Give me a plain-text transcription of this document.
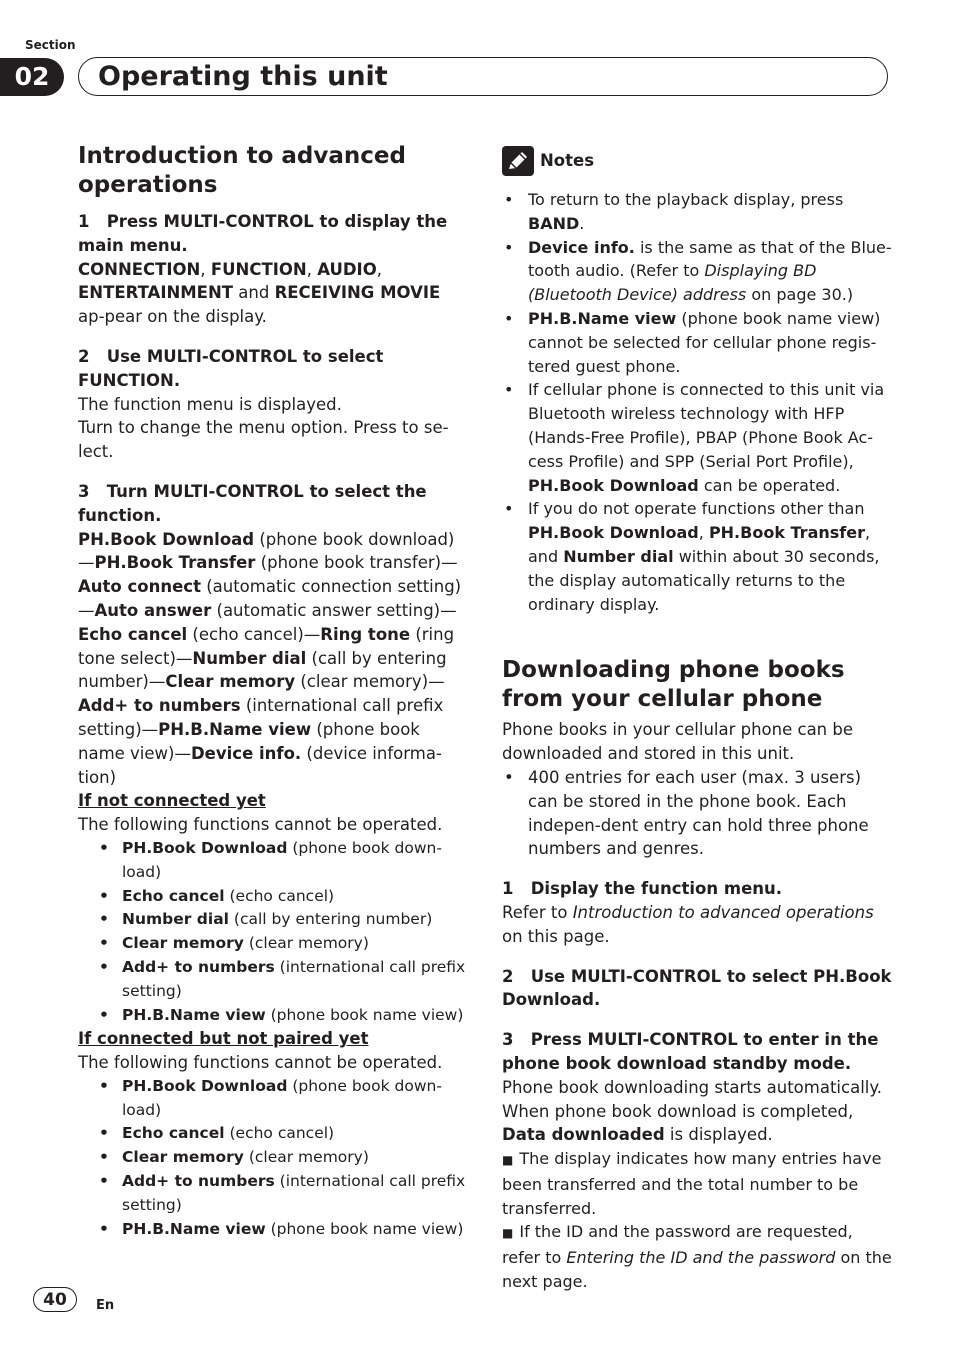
Section
02	Operating this unit
Introduction to advanced operations

1   Press MULTI-CONTROL to display the main menu.

CONNECTION, FUNCTION, AUDIO, ENTERTAINMENT and RECEIVING MOVIE ap-pear on the display.

2   Use MULTI-CONTROL to select FUNCTION.

The function menu is displayed.

Turn to change the menu option. Press to se-lect.

3   Turn MULTI-CONTROL to select the function.

PH.Book Download (phone book download)—PH.Book Transfer (phone book transfer)—Auto connect (automatic connection setting)—Auto answer (automatic answer setting)—Echo cancel (echo cancel)—Ring tone (ring tone select)—Number dial (call by entering number)—Clear memory (clear memory)—Add+ to numbers (international call prefix setting)—PH.B.Name view (phone book name view)—Device info. (device informa-tion)

If not connected yet

The following functions cannot be operated.

• PH.Book Download (phone book down-load)
• Echo cancel (echo cancel)
• Number dial (call by entering number)
• Clear memory (clear memory)
• Add+ to numbers (international call prefix setting)
• PH.B.Name view (phone book name view)

If connected but not paired yet

The following functions cannot be operated.

• PH.Book Download (phone book down-load)
• Echo cancel (echo cancel)
• Clear memory (clear memory)
• Add+ to numbers (international call prefix setting)
• PH.B.Name view (phone book name view)
Notes
• To return to the playback display, press BAND.
• Device info. is the same as that of the Blue-tooth audio. (Refer to Displaying BD (Bluetooth Device) address on page 30.)
• PH.B.Name view (phone book name view) cannot be selected for cellular phone regis-tered guest phone.
• If cellular phone is connected to this unit via Bluetooth wireless technology with HFP (Hands-Free Profile), PBAP (Phone Book Ac-cess Profile) and SPP (Serial Port Profile), PH.Book Download can be operated.
• If you do not operate functions other than PH.Book Download, PH.Book Transfer, and Number dial within about 30 seconds, the display automatically returns to the ordinary display.
Downloading phone books from your cellular phone

Phone books in your cellular phone can be downloaded and stored in this unit.

• 400 entries for each user (max. 3 users) can be stored in the phone book. Each indepen-dent entry can hold three phone numbers and genres.

1   Display the function menu.

Refer to Introduction to advanced operations on this page.

2   Use MULTI-CONTROL to select PH.Book Download.

3   Press MULTI-CONTROL to enter in the phone book download standby mode.

Phone book downloading starts automatically. When phone book download is completed, Data downloaded is displayed.

■ The display indicates how many entries have been transferred and the total number to be transferred.

■ If the ID and the password are requested, refer to Entering the ID and the password on the next page.

40	En
